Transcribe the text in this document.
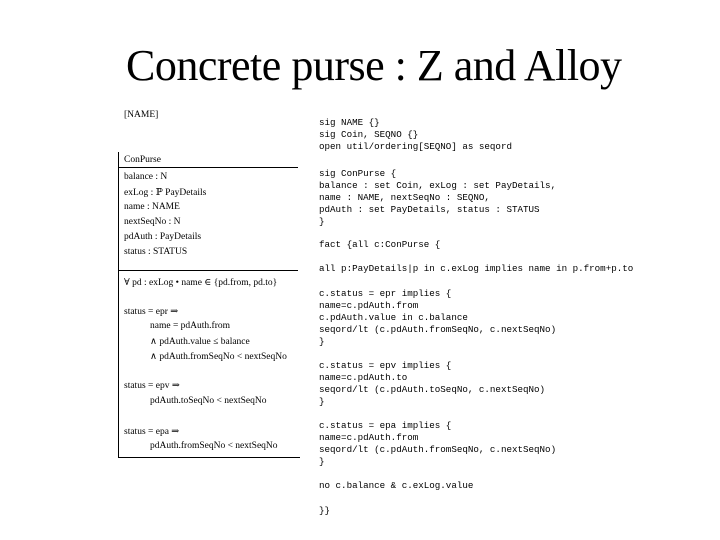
Concrete purse : Z and Alloy
[NAME]
ConPurse
balance : N
exLog : ℙ PayDetails
name : NAME
nextSeqNo : N
pdAuth : PayDetails
status : STATUS
∀ pd : exLog • name ∈ {pd.from, pd.to}
status = epr ⇒
name = pdAuth.from
∧ pdAuth.value ≤ balance
∧ pdAuth.fromSeqNo < nextSeqNo
status = epv ⇒
pdAuth.toSeqNo < nextSeqNo
status = epa ⇒
pdAuth.fromSeqNo < nextSeqNo
sig NAME {}
sig Coin, SEQNO {}
open util/ordering[SEQNO] as seqord
sig ConPurse {
balance : set Coin, exLog : set PayDetails,
name : NAME, nextSeqNo : SEQNO,
pdAuth : set PayDetails, status : STATUS
}
fact {all c:ConPurse {
all p:PayDetails|p in c.exLog implies name in p.from+p.to
c.status = epr implies {
name=c.pdAuth.from
c.pdAuth.value in c.balance
seqord/lt (c.pdAuth.fromSeqNo, c.nextSeqNo)
}
c.status = epv implies {
name=c.pdAuth.to
seqord/lt (c.pdAuth.toSeqNo, c.nextSeqNo)
}
c.status = epa implies {
name=c.pdAuth.from
seqord/lt (c.pdAuth.fromSeqNo, c.nextSeqNo)
}
no c.balance & c.exLog.value
}}
